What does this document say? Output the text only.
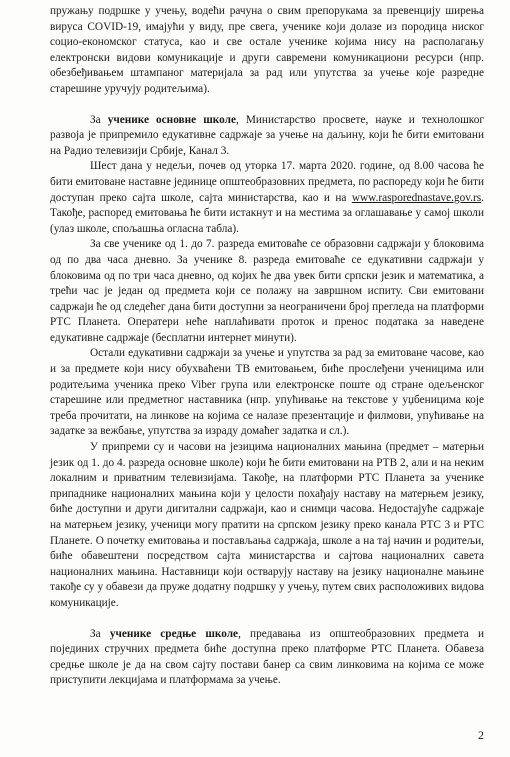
пружању подршке у учењу, водећи рачуна о свим препорукама за превенцију ширења вируса COVID-19, имајући у виду, пре свега, ученике који долазе из породица ниског социо-економског статуса, као и све остале ученике којима нису на располагању електронски видови комуникације и други савремени комуникациони ресурси (нпр. обезбеђивањем штампаног материјала за рад или упутства за учење које разредне старешине уручују родитељима).

За ученике основне школе, Министарство просвете, науке и технолошког развоја је припремило едукативне садржаје за учење на даљину, који ће бити емитовани на Радио телевизији Србије, Канал 3.

Шест дана у недељи, почев од уторка 17. марта 2020. године, од 8.00 часова ће бити емитоване наставне јединице општеобразовних предмета, по распореду који ће бити доступан преко сајта школе, сајта министарства, као и на www.rasporednastave.gov.rs. Такође, распоред емитовања ће бити истакнут и на местима за оглашавање у самој школи (улаз школе, спољашња огласна табла).

За све ученике од 1. до 7. разреда емитоваће се образовни садржаји у блоковима од по два часа дневно. За ученике 8. разреда емитоваће се едукативни садржаји у блоковима од по три часа дневно, од којих ће два увек бити српски језик и математика, а трећи час је један од предмета који се полажу на завршном испиту. Сви емитовани садржаји ће од следећег дана бити доступни за неограничени број прегледа на платформи РТС Планета. Оператери неће наплаћивати проток и пренос података за наведене едукативне садржаје (бесплатни интернет минути).

Остали едукативни садржаји за учење и упутства за рад за емитоване часове, као и за предмете који нису обухваћени ТВ емитовањем, биће прослеђени ученицима или родитељима ученика преко Viber група или електронске поште од стране одељенског старешине или предметног наставника (нпр. упућивање на текстове у уџбеницима које треба прочитати, на линкове на којима се налазе презентације и филмови, упућивање на задатке за вежбање, упутства за израду домаћег задатка и сл.).

У припреми су и часови на језицима националних мањина (предмет – матерњи језик од 1. до 4. разреда основне школе) који ће бити емитовани на РТВ 2, али и на неким локалним и приватним телевизијама. Такође, на платформи РТС Планета за ученике припаднике националних мањина који у целости похађају наставу на матерњем језику, биће доступни и други дигитални садржаји, као и снимци часова. Недостајуће садржаје на матерњем језику, ученици могу пратити на српском језику преко канала РТС 3 и РТС Планете. О почетку емитовања и постављања садржаја, школе а на тај начин и родитељи, биће обавештени посредством сајта министарства и сајтова националних савета националних мањина. Наставници који остварују наставу на језику националне мањине такође су у обавези да пруже додатну подршку у учењу, путем свих расположивих видова комуникације.

За ученике средње школе, предавања из општеобразовних предмета и појединих стручних предмета биће доступна преко платформе РТС Планета. Обавеза средње школе је да на свом сајту постави банер са свим линковима на којима се може приступити лекцијама и платформама за учење.

2
